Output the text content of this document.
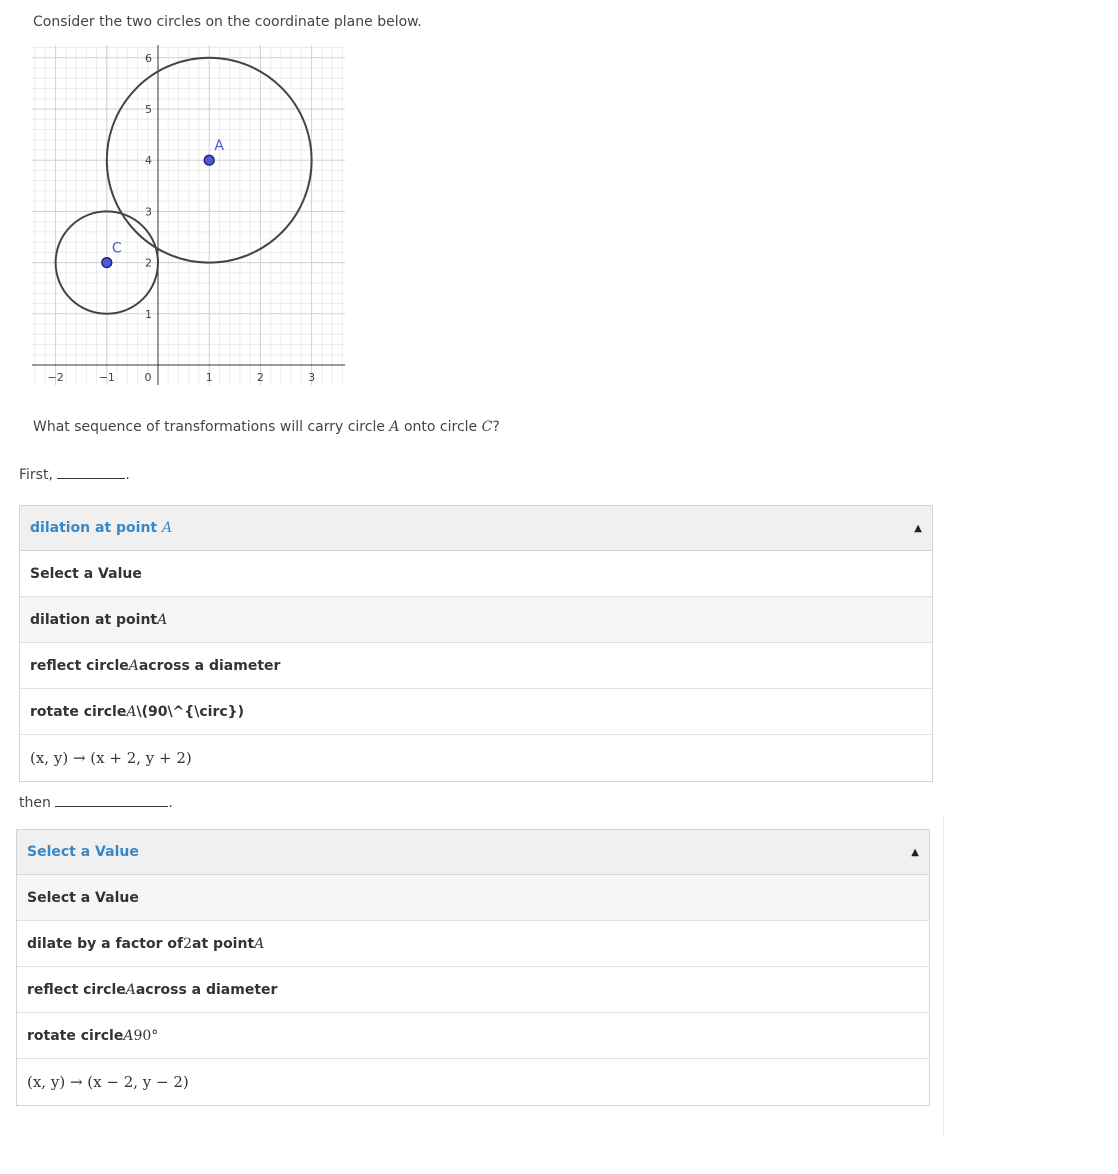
Consider the two circles on the coordinate plane below.
−2	−1	0	1	2	3
1
2
3
4
5
6
A
C
What sequence of transformations will carry circle A onto circle C?
First,	.
dilation at point A	▲
Select a Value
dilation at point A
reflect circle A across a diameter
rotate circle A \(90\^{\circ})
(x, y) → (x + 2, y + 2)
then	.
Select a Value	▲
Select a Value
dilate by a factor of 2 at point A
reflect circle A across a diameter
rotate circle A 90°
(x, y) → (x − 2, y − 2)
